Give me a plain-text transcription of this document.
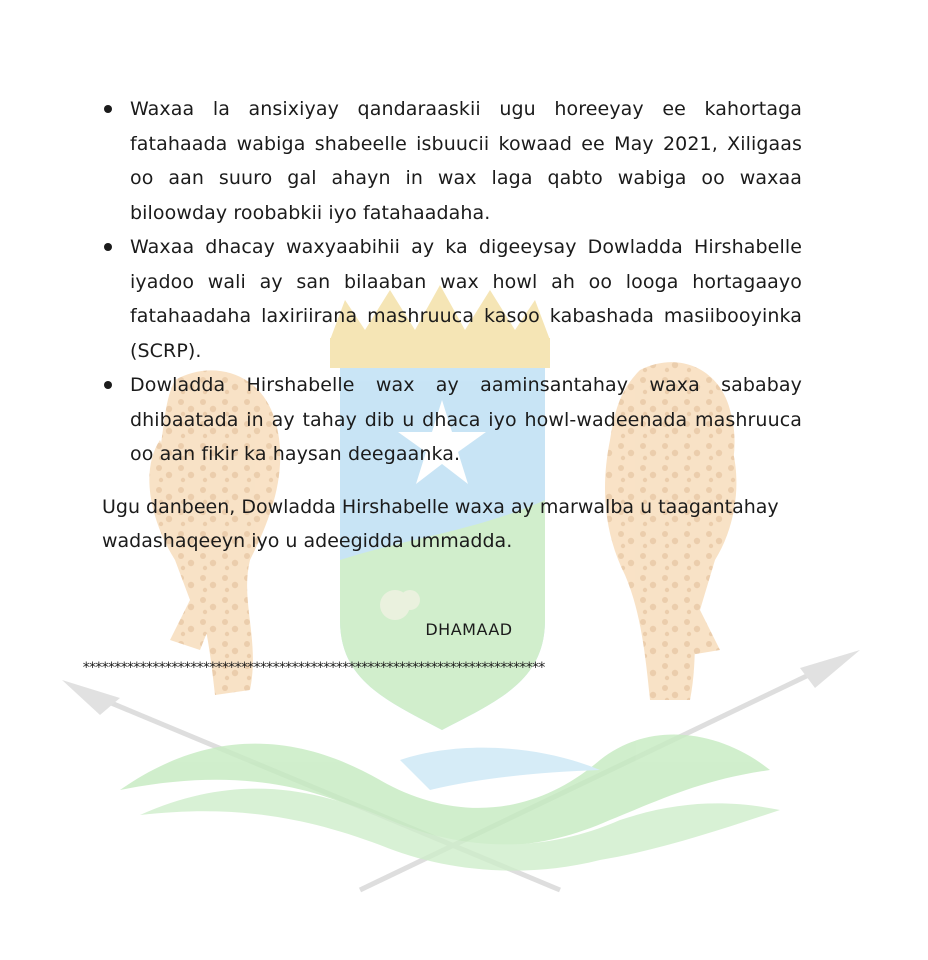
Waxaa la ansixiyay qandaraaskii ugu horeeyay ee kahortaga fatahaada wabiga shabeelle isbuucii kowaad ee May 2021, Xiligaas oo aan suuro gal ahayn in wax laga qabto wabiga oo waxaa biloowday roobabkii iyo fatahaadaha.
Waxaa dhacay waxyaabihii ay ka digeeysay Dowladda Hirshabelle iyadoo wali ay san bilaaban wax howl ah oo looga hortagaayo fatahaadaha laxiriirana mashruuca kasoo kabashada masiibooyinka (SCRP).
Dowladda Hirshabelle wax ay aaminsantahay waxa sababay dhibaatada in ay tahay dib u dhaca iyo howl-wadeenada mashruuca oo aan fikir ka haysan deegaanka.

Ugu danbeen, Dowladda Hirshabelle waxa ay marwalba u taagantahay wadashaqeeyn iyo u adeegidda ummadda.

DHAMAAD
*************************************************************************
